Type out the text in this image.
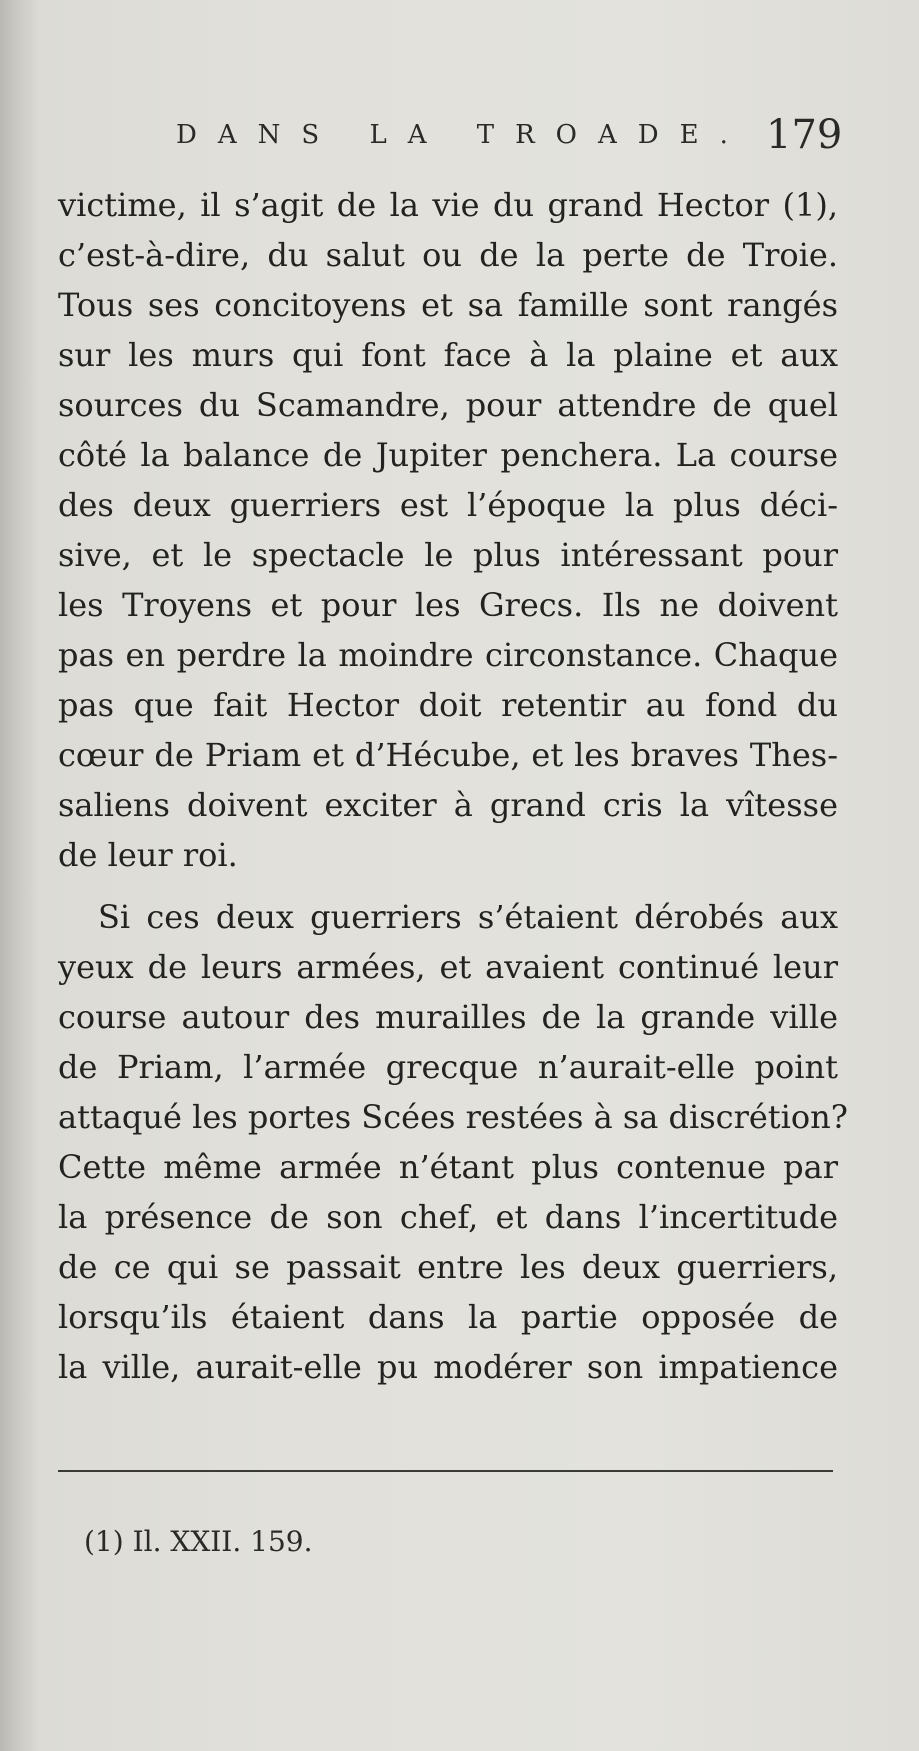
DANS LA TROADE. 179
victime, il s’agit de la vie du grand Hector (1),
c’est-à-dire, du salut ou de la perte de Troie.
Tous ses concitoyens et sa famille sont rangés
sur les murs qui font face à la plaine et aux
sources du Scamandre, pour attendre de quel
côté la balance de Jupiter penchera. La course
des deux guerriers est l’époque la plus déci-
sive, et le spectacle le plus intéressant pour
les Troyens et pour les Grecs. Ils ne doivent
pas en perdre la moindre circonstance. Chaque
pas que fait Hector doit retentir au fond du
cœur de Priam et d’Hécube, et les braves Thes-
saliens doivent exciter à grand cris la vîtesse
de leur roi.
Si ces deux guerriers s’étaient dérobés aux
yeux de leurs armées, et avaient continué leur
course autour des murailles de la grande ville
de Priam, l’armée grecque n’aurait-elle point
attaqué les portes Scées restées à sa discrétion?
Cette même armée n’étant plus contenue par
la présence de son chef, et dans l’incertitude
de ce qui se passait entre les deux guerriers,
lorsqu’ils étaient dans la partie opposée de
la ville, aurait-elle pu modérer son impatience
(1) Il. XXII. 159.
